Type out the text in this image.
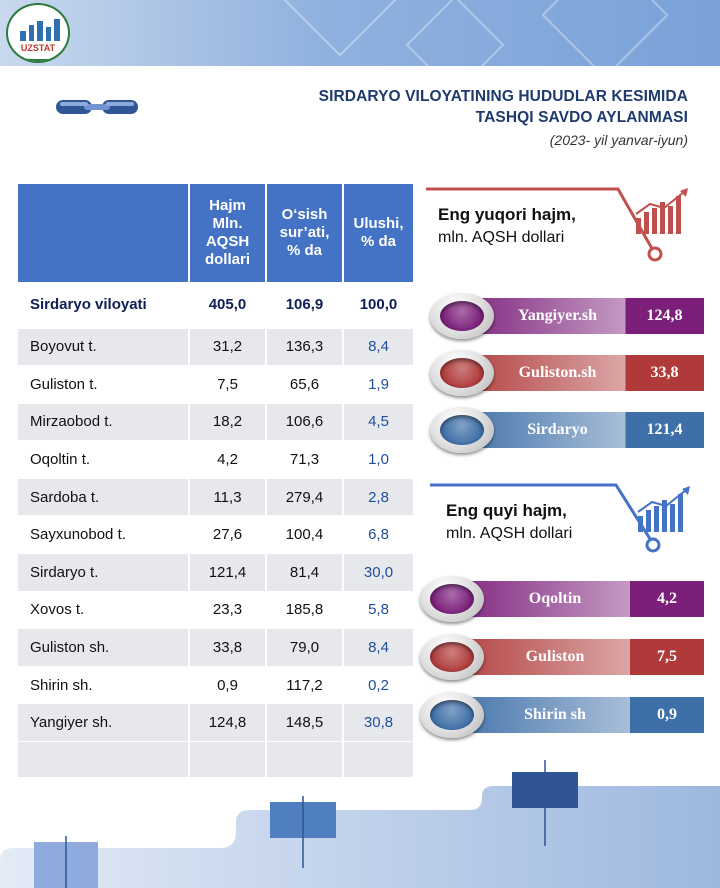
UZSTAT
SIRDARYO VILOYATINING HUDUDLAR KESIMIDA
TASHQI SAVDO AYLANMASI
(2023- yil yanvar-iyun)
	Hajm
Mln.
AQSH
dollari	O‘sish
sur’ati,
% da	Ulushi,
% da
Sirdaryo viloyati	405,0	106,9	100,0
Boyovut t.	31,2	136,3	8,4
Guliston t.	7,5	65,6	1,9
Mirzaobod t.	18,2	106,6	4,5
Oqoltin t.	4,2	71,3	1,0
Sardoba t.	11,3	279,4	2,8
Sayxunobod t.	27,6	100,4	6,8
Sirdaryo t.	121,4	81,4	30,0
Xovos t.	23,3	185,8	5,8
Guliston sh.	33,8	79,0	8,4
Shirin sh.	0,9	117,2	0,2
Yangiyer sh.	124,8	148,5	30,8

Eng yuqori hajm,
mln. AQSH dollari
Yangiyer.sh	124,8
Guliston.sh	33,8
Sirdaryo	121,4
Eng quyi hajm,
mln. AQSH dollari
Oqoltin	4,2
Guliston	7,5
Shirin sh	0,9
